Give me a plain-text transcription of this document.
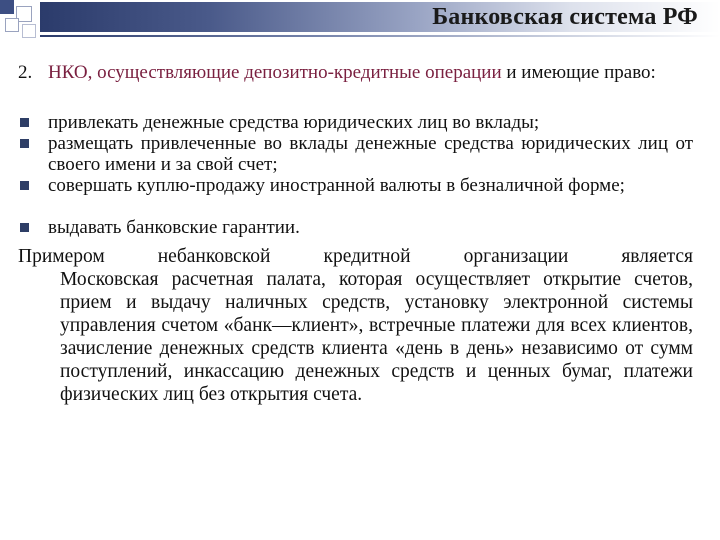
Банковская система РФ
2. НКО, осуществляющие депозитно-кредитные операции и имеющие право:
привлекать денежные средства юридических лиц во вклады;
размещать привлеченные во вклады денежные средства юридических лиц от своего имени и за свой счет;
совершать куплю-продажу иностранной валюты в безналичной форме;
выдавать банковские гарантии.
Примером небанковской кредитной организации является
Московская расчетная палата, которая осуществляет открытие счетов, прием и выдачу наличных средств, установку электронной системы управления счетом «банк—клиент», встречные платежи для всех клиентов, зачисление денежных средств клиента «день в день» независимо от сумм поступлений, инкассацию денежных средств и ценных бумаг, платежи физических лиц без открытия счета.
